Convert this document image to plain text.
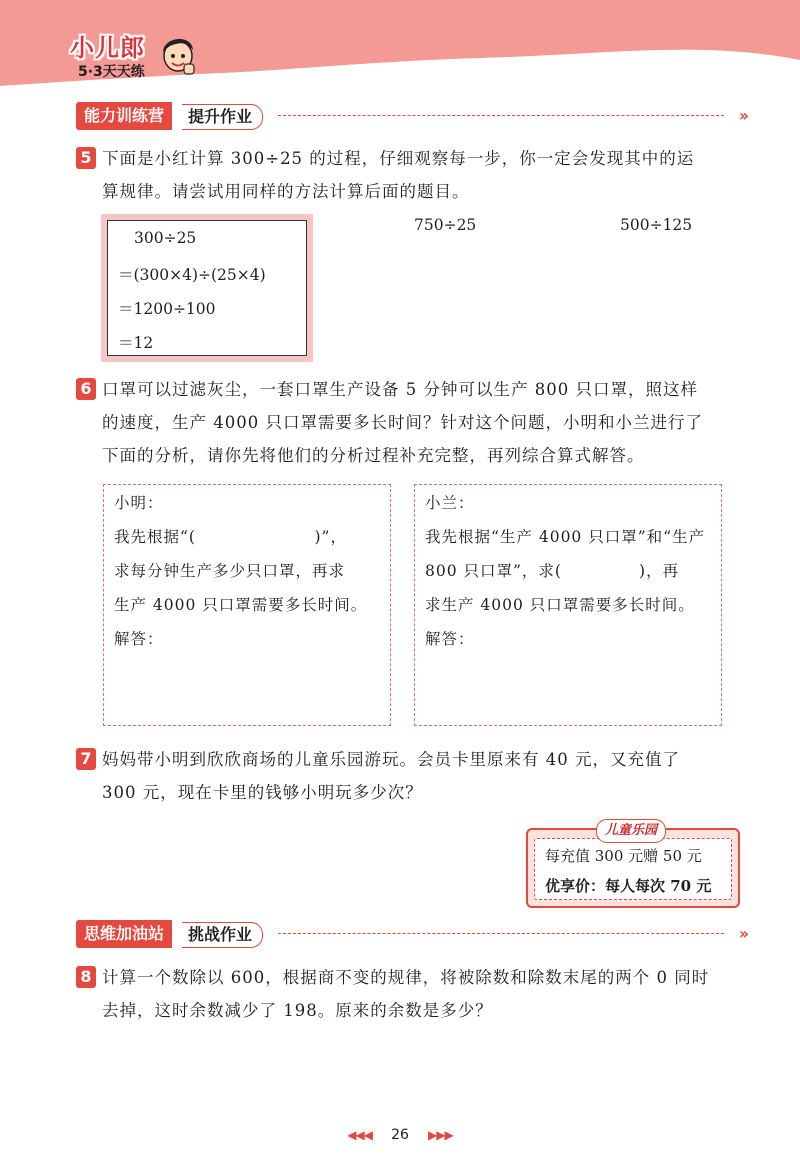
小儿郎
5·3天天练
能力训练营	提升作业	››
5 下面是小红计算 300÷25 的过程，仔细观察每一步，你一定会发现其中的运
算规律。请尝试用同样的方法计算后面的题目。
300÷25
＝(300×4)÷(25×4)
＝1200÷100
＝12
750÷25	500÷125
6 口罩可以过滤灰尘，一套口罩生产设备 5 分钟可以生产 800 只口罩，照这样
的速度，生产 4000 只口罩需要多长时间？针对这个问题，小明和小兰进行了
下面的分析，请你先将他们的分析过程补充完整，再列综合算式解答。
小明：
我先根据“(                    )”，
求每分钟生产多少只口罩，再求
生产 4000 只口罩需要多长时间。
解答：
小兰：
我先根据“生产 4000 只口罩”和“生产
800 只口罩”，求(             )，再
求生产 4000 只口罩需要多长时间。
解答：
7 妈妈带小明到欣欣商场的儿童乐园游玩。会员卡里原来有 40 元，又充值了
300 元，现在卡里的钱够小明玩多少次？
每充值 300 元赠 50 元
优享价：每人每次 70 元
儿童乐园
思维加油站	挑战作业	››
8 计算一个数除以 600，根据商不变的规律，将被除数和除数末尾的两个 0 同时
去掉，这时余数减少了 198。原来的余数是多少？
◀◀◀ 26 ▶▶▶
